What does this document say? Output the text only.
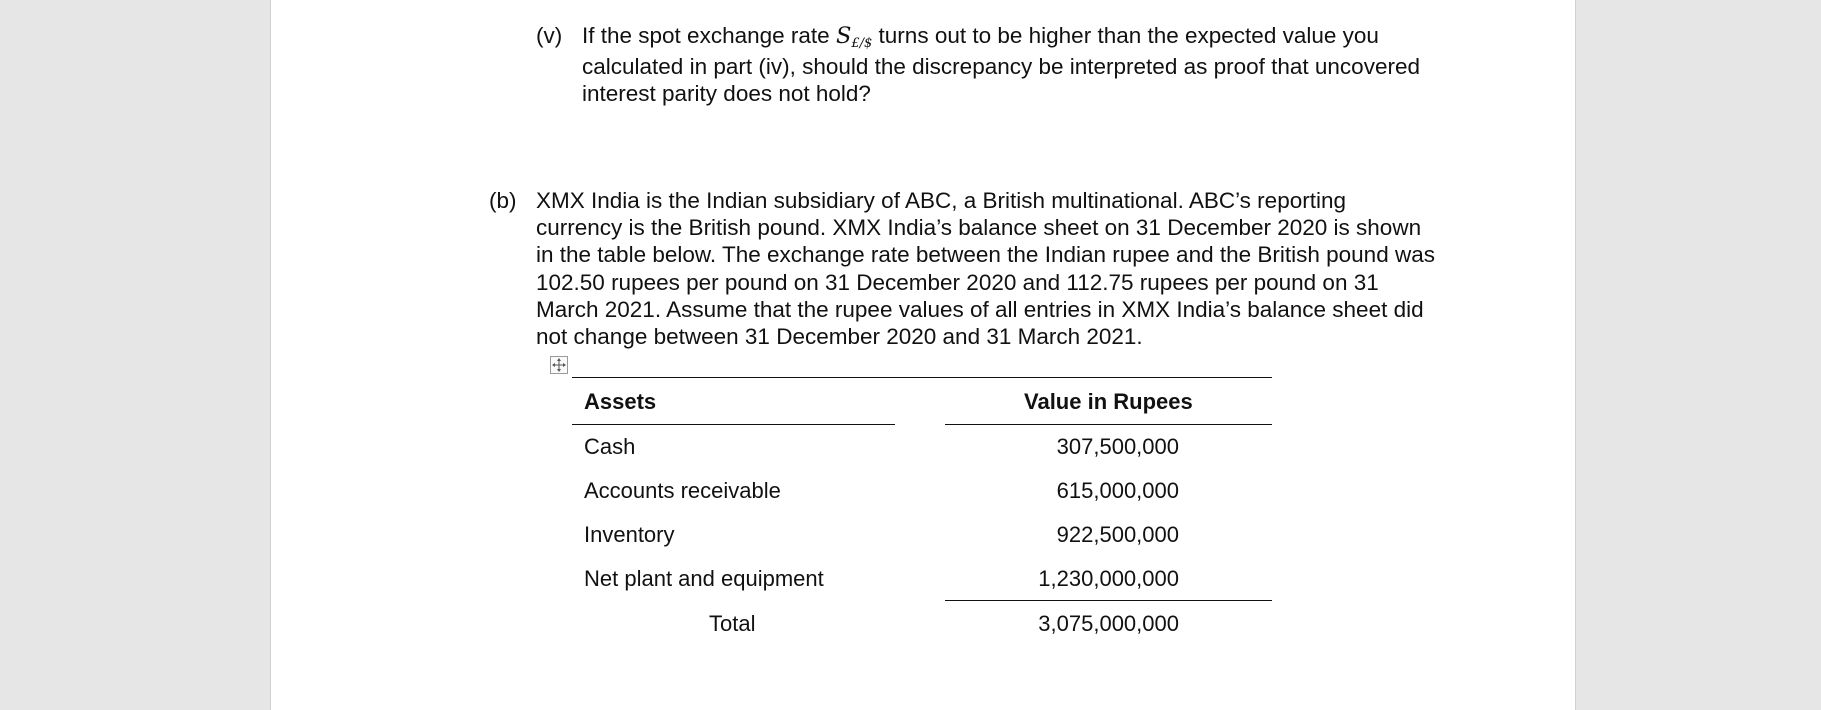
(v) If the spot exchange rate $S_{£/\$}$ turns out to be higher than the expected value you
calculated in part (iv), should the discrepancy be interpreted as proof that uncovered
interest parity does not hold?
(b) XMX India is the Indian subsidiary of ABC, a British multinational. ABC’s reporting
currency is the British pound. XMX India’s balance sheet on 31 December 2020 is shown
in the table below. The exchange rate between the Indian rupee and the British pound was
102.50 rupees per pound on 31 December 2020 and 112.75 rupees per pound on 31
March 2021. Assume that the rupee values of all entries in XMX India’s balance sheet did
not change between 31 December 2020 and 31 March 2021.
Assets	Value in Rupees
Cash	307,500,000
Accounts receivable	615,000,000
Inventory	922,500,000
Net plant and equipment	1,230,000,000
Total	3,075,000,000
